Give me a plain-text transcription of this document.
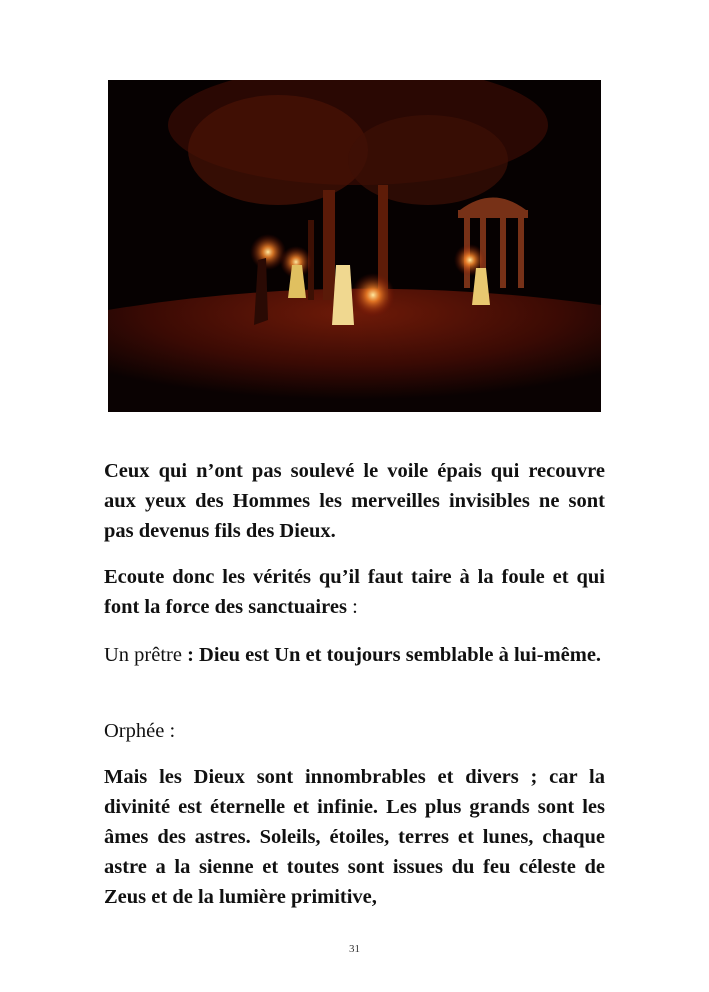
Ceux qui n’ont pas soulevé le voile épais qui recouvre aux yeux des Hommes les merveilles invisibles ne sont pas devenus fils des Dieux.

Ecoute donc les vérités qu’il faut taire à la foule et qui font la force des sanctuaires :

Un prêtre : Dieu est Un et toujours semblable à lui-même.

Orphée :

Mais les Dieux sont innombrables et divers ; car la divinité est éternelle et infinie. Les plus grands sont les âmes des astres. Soleils, étoiles, terres et lunes, chaque astre a la sienne et toutes sont issues du feu céleste de Zeus et de la lumière primitive,

31
